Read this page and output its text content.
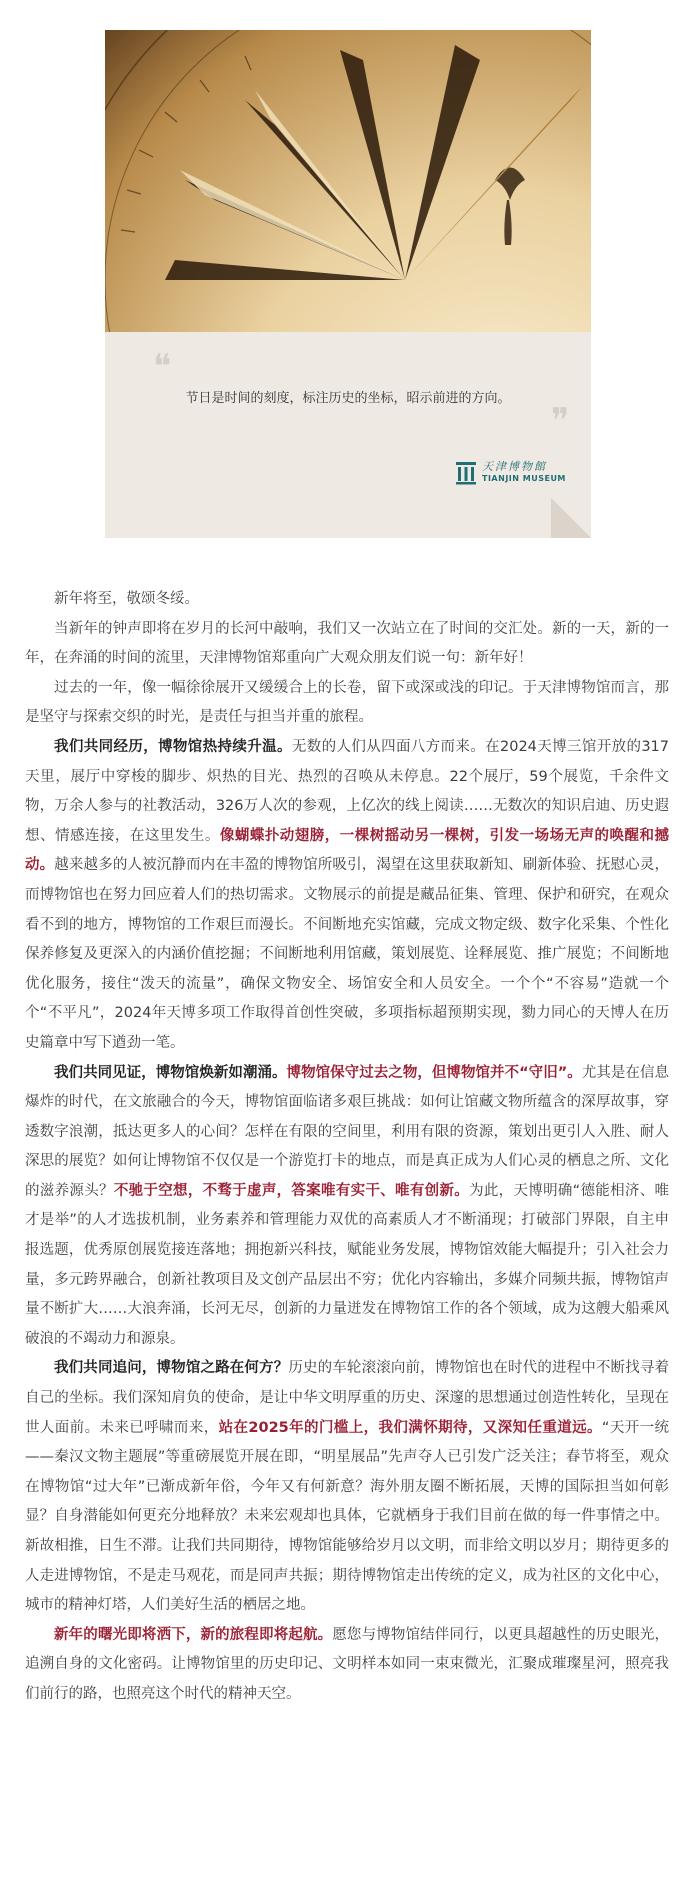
❝
节日是时间的刻度，标注历史的坐标，昭示前进的方向。
❞
天津博物館
TIANJIN MUSEUM

新年将至，敬颂冬绥。

当新年的钟声即将在岁月的长河中敲响，我们又一次站立在了时间的交汇处。新的一天，新的一年，在奔涌的时间的流里，天津博物馆郑重向广大观众朋友们说一句：新年好！

过去的一年，像一幅徐徐展开又缓缓合上的长卷，留下或深或浅的印记。于天津博物馆而言，那是坚守与探索交织的时光，是责任与担当并重的旅程。

我们共同经历，博物馆热持续升温。无数的人们从四面八方而来。在2024天博三馆开放的317天里，展厅中穿梭的脚步、炽热的目光、热烈的召唤从未停息。22个展厅，59个展览，千余件文物，万余人参与的社教活动，326万人次的参观，上亿次的线上阅读……无数次的知识启迪、历史遐想、情感连接，在这里发生。像蝴蝶扑动翅膀，一棵树摇动另一棵树，引发一场场无声的唤醒和撼动。越来越多的人被沉静而内在丰盈的博物馆所吸引，渴望在这里获取新知、刷新体验、抚慰心灵，而博物馆也在努力回应着人们的热切需求。文物展示的前提是藏品征集、管理、保护和研究，在观众看不到的地方，博物馆的工作艰巨而漫长。不间断地充实馆藏，完成文物定级、数字化采集、个性化保养修复及更深入的内涵价值挖掘；不间断地利用馆藏，策划展览、诠释展览、推广展览；不间断地优化服务，接住“泼天的流量”，确保文物安全、场馆安全和人员安全。一个个“不容易”造就一个个“不平凡”，2024年天博多项工作取得首创性突破，多项指标超预期实现，勠力同心的天博人在历史篇章中写下遒劲一笔。

我们共同见证，博物馆焕新如潮涌。博物馆保守过去之物，但博物馆并不“守旧”。尤其是在信息爆炸的时代，在文旅融合的今天，博物馆面临诸多艰巨挑战：如何让馆藏文物所蕴含的深厚故事，穿透数字浪潮，抵达更多人的心间？怎样在有限的空间里，利用有限的资源，策划出更引人入胜、耐人深思的展览？如何让博物馆不仅仅是一个游览打卡的地点，而是真正成为人们心灵的栖息之所、文化的滋养源头？不驰于空想，不骛于虚声，答案唯有实干、唯有创新。为此，天博明确“德能相济、唯才是举”的人才选拔机制，业务素养和管理能力双优的高素质人才不断涌现；打破部门界限，自主申报选题，优秀原创展览接连落地；拥抱新兴科技，赋能业务发展，博物馆效能大幅提升；引入社会力量，多元跨界融合，创新社教项目及文创产品层出不穷；优化内容输出，多媒介同频共振，博物馆声量不断扩大……大浪奔涌，长河无尽，创新的力量迸发在博物馆工作的各个领域，成为这艘大船乘风破浪的不竭动力和源泉。

我们共同追问，博物馆之路在何方？历史的车轮滚滚向前，博物馆也在时代的进程中不断找寻着自己的坐标。我们深知肩负的使命，是让中华文明厚重的历史、深邃的思想通过创造性转化，呈现在世人面前。未来已呼啸而来，站在2025年的门槛上，我们满怀期待，又深知任重道远。“天开一统——秦汉文物主题展”等重磅展览开展在即，“明星展品”先声夺人已引发广泛关注；春节将至，观众在博物馆“过大年”已渐成新年俗，今年又有何新意？海外朋友圈不断拓展，天博的国际担当如何彰显？自身潜能如何更充分地释放？未来宏观却也具体，它就栖身于我们目前在做的每一件事情之中。新故相推，日生不滞。让我们共同期待，博物馆能够给岁月以文明，而非给文明以岁月；期待更多的人走进博物馆，不是走马观花，而是同声共振；期待博物馆走出传统的定义，成为社区的文化中心，城市的精神灯塔，人们美好生活的栖居之地。

新年的曙光即将洒下，新的旅程即将起航。愿您与博物馆结伴同行，以更具超越性的历史眼光，追溯自身的文化密码。让博物馆里的历史印记、文明样本如同一束束微光，汇聚成璀璨星河，照亮我们前行的路，也照亮这个时代的精神天空。
